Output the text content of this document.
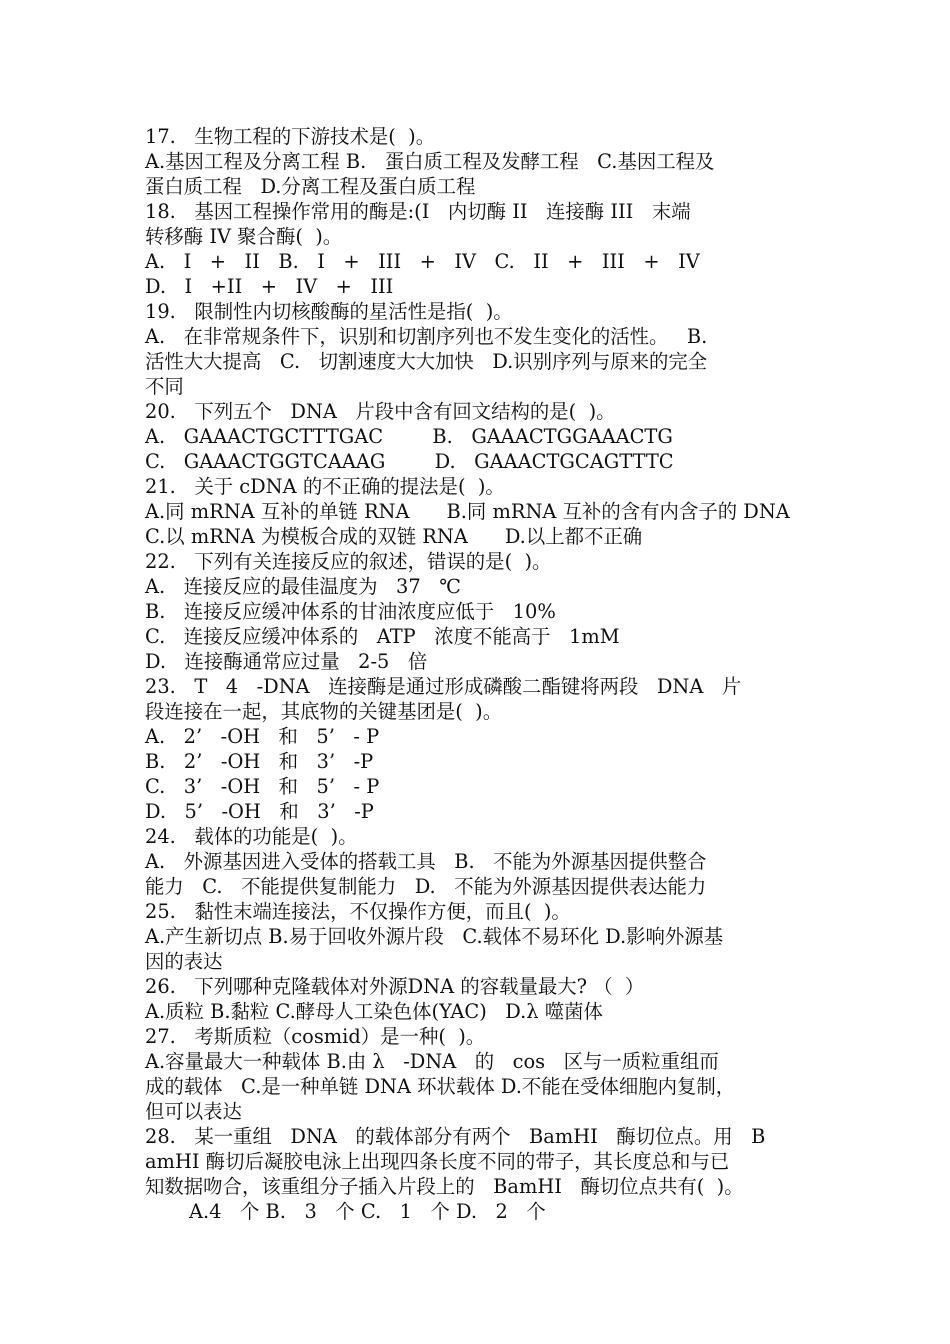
17.   生物工程的下游技术是(  )。
A.基因工程及分离工程 B.   蛋白质工程及发酵工程   C.基因工程及
蛋白质工程   D.分离工程及蛋白质工程
18.   基因工程操作常用的酶是:(I   内切酶 II   连接酶 III   末端
转移酶 IV 聚合酶(  )。
A.   I   +   II   B.   I   +   III   +   IV   C.   II   +   III   +   IV
D.   I   +II   +   IV   +   III
19.   限制性内切核酸酶的星活性是指(  )。
A.   在非常规条件下，识别和切割序列也不发生变化的活性。   B.
活性大大提高   C.   切割速度大大加快   D.识别序列与原来的完全
不同
20.   下列五个   DNA   片段中含有回文结构的是(  )。
A.   GAAACTGCTTTGAC        B.   GAAACTGGAAACTG
C.   GAAACTGGTCAAAG        D.   GAAACTGCAGTTTC
21.   关于 cDNA 的不正确的提法是(  )。
A.同 mRNA 互补的单链 RNA      B.同 mRNA 互补的含有内含子的 DNA
C.以 mRNA 为模板合成的双链 RNA      D.以上都不正确
22.   下列有关连接反应的叙述，错误的是(  )。
A.   连接反应的最佳温度为   37   ℃
B.   连接反应缓冲体系的甘油浓度应低于   10%
C.   连接反应缓冲体系的   ATP   浓度不能高于   1mM
D.   连接酶通常应过量   2-5   倍
23.   T   4   -DNA   连接酶是通过形成磷酸二酯键将两段   DNA   片
段连接在一起，其底物的关键基团是(  )。
A.   2’   -OH   和   5’   - P
B.   2’   -OH   和   3’   -P
C.   3’   -OH   和   5’   - P
D.   5’   -OH   和   3’   -P
24.   载体的功能是(  )。
A.   外源基因进入受体的搭载工具   B.   不能为外源基因提供整合
能力   C.   不能提供复制能力   D.   不能为外源基因提供表达能力
25.   黏性末端连接法，不仅操作方便，而且(  )。
A.产生新切点 B.易于回收外源片段   C.载体不易环化 D.影响外源基
因的表达
26.   下列哪种克隆载体对外源DNA 的容载量最大? （  ）
A.质粒 B.黏粒 C.酵母人工染色体(YAC)   D.λ 噬菌体
27.   考斯质粒（cosmid）是一种(  )。
A.容量最大一种载体 B.由 λ   -DNA   的   cos   区与一质粒重组而
成的载体   C.是一种单链 DNA 环状载体 D.不能在受体细胞内复制，
但可以表达
28.   某一重组   DNA   的载体部分有两个   BamHI   酶切位点。用   B
amHI 酶切后凝胶电泳上出现四条长度不同的带子，其长度总和与已
知数据吻合，该重组分子插入片段上的   BamHI   酶切位点共有(  )。
A.4   个 B.   3   个 C.   1   个 D.   2   个
